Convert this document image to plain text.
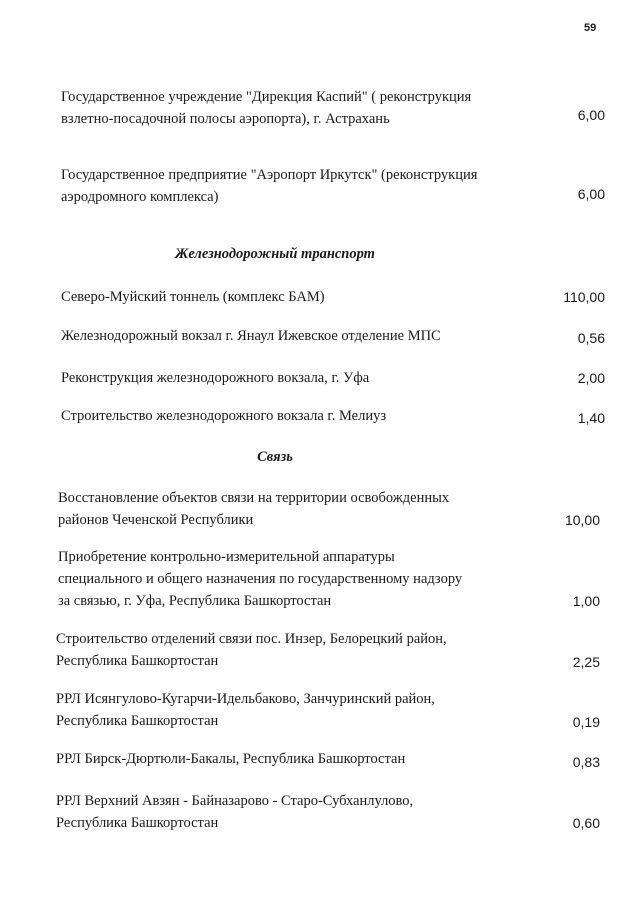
59
Государственное учреждение "Дирекция Каспий" ( реконструкция
взлетно-посадочной полосы аэропорта), г. Астрахань	6,00
Государственное предприятие "Аэропорт Иркутск" (реконструкция
аэродромного комплекса)	6,00
Железнодорожный транспорт
Северо-Муйский тоннель (комплекс БАМ)	110,00
Железнодорожный вокзал г. Янаул Ижевское отделение МПС	0,56
Реконструкция железнодорожного вокзала, г. Уфа	2,00
Строительство железнодорожного вокзала г. Мелиуз	1,40
Связь
Восстановление объектов связи на территории освобожденных
районов Чеченской Республики	10,00
Приобретение контрольно-измерительной аппаратуры
специального и общего назначения по государственному надзору
за связью, г. Уфа, Республика Башкортостан	1,00
Строительство отделений связи пос. Инзер, Белорецкий район,
Республика Башкортостан	2,25
РРЛ Исянгулово-Кугарчи-Идельбаково, Занчуринский район,
Республика Башкортостан	0,19
РРЛ Бирск-Дюртюли-Бакалы, Республика Башкортостан	0,83
РРЛ Верхний Авзян - Байназарово - Старо-Субханлулово,
Республика Башкортостан	0,60
